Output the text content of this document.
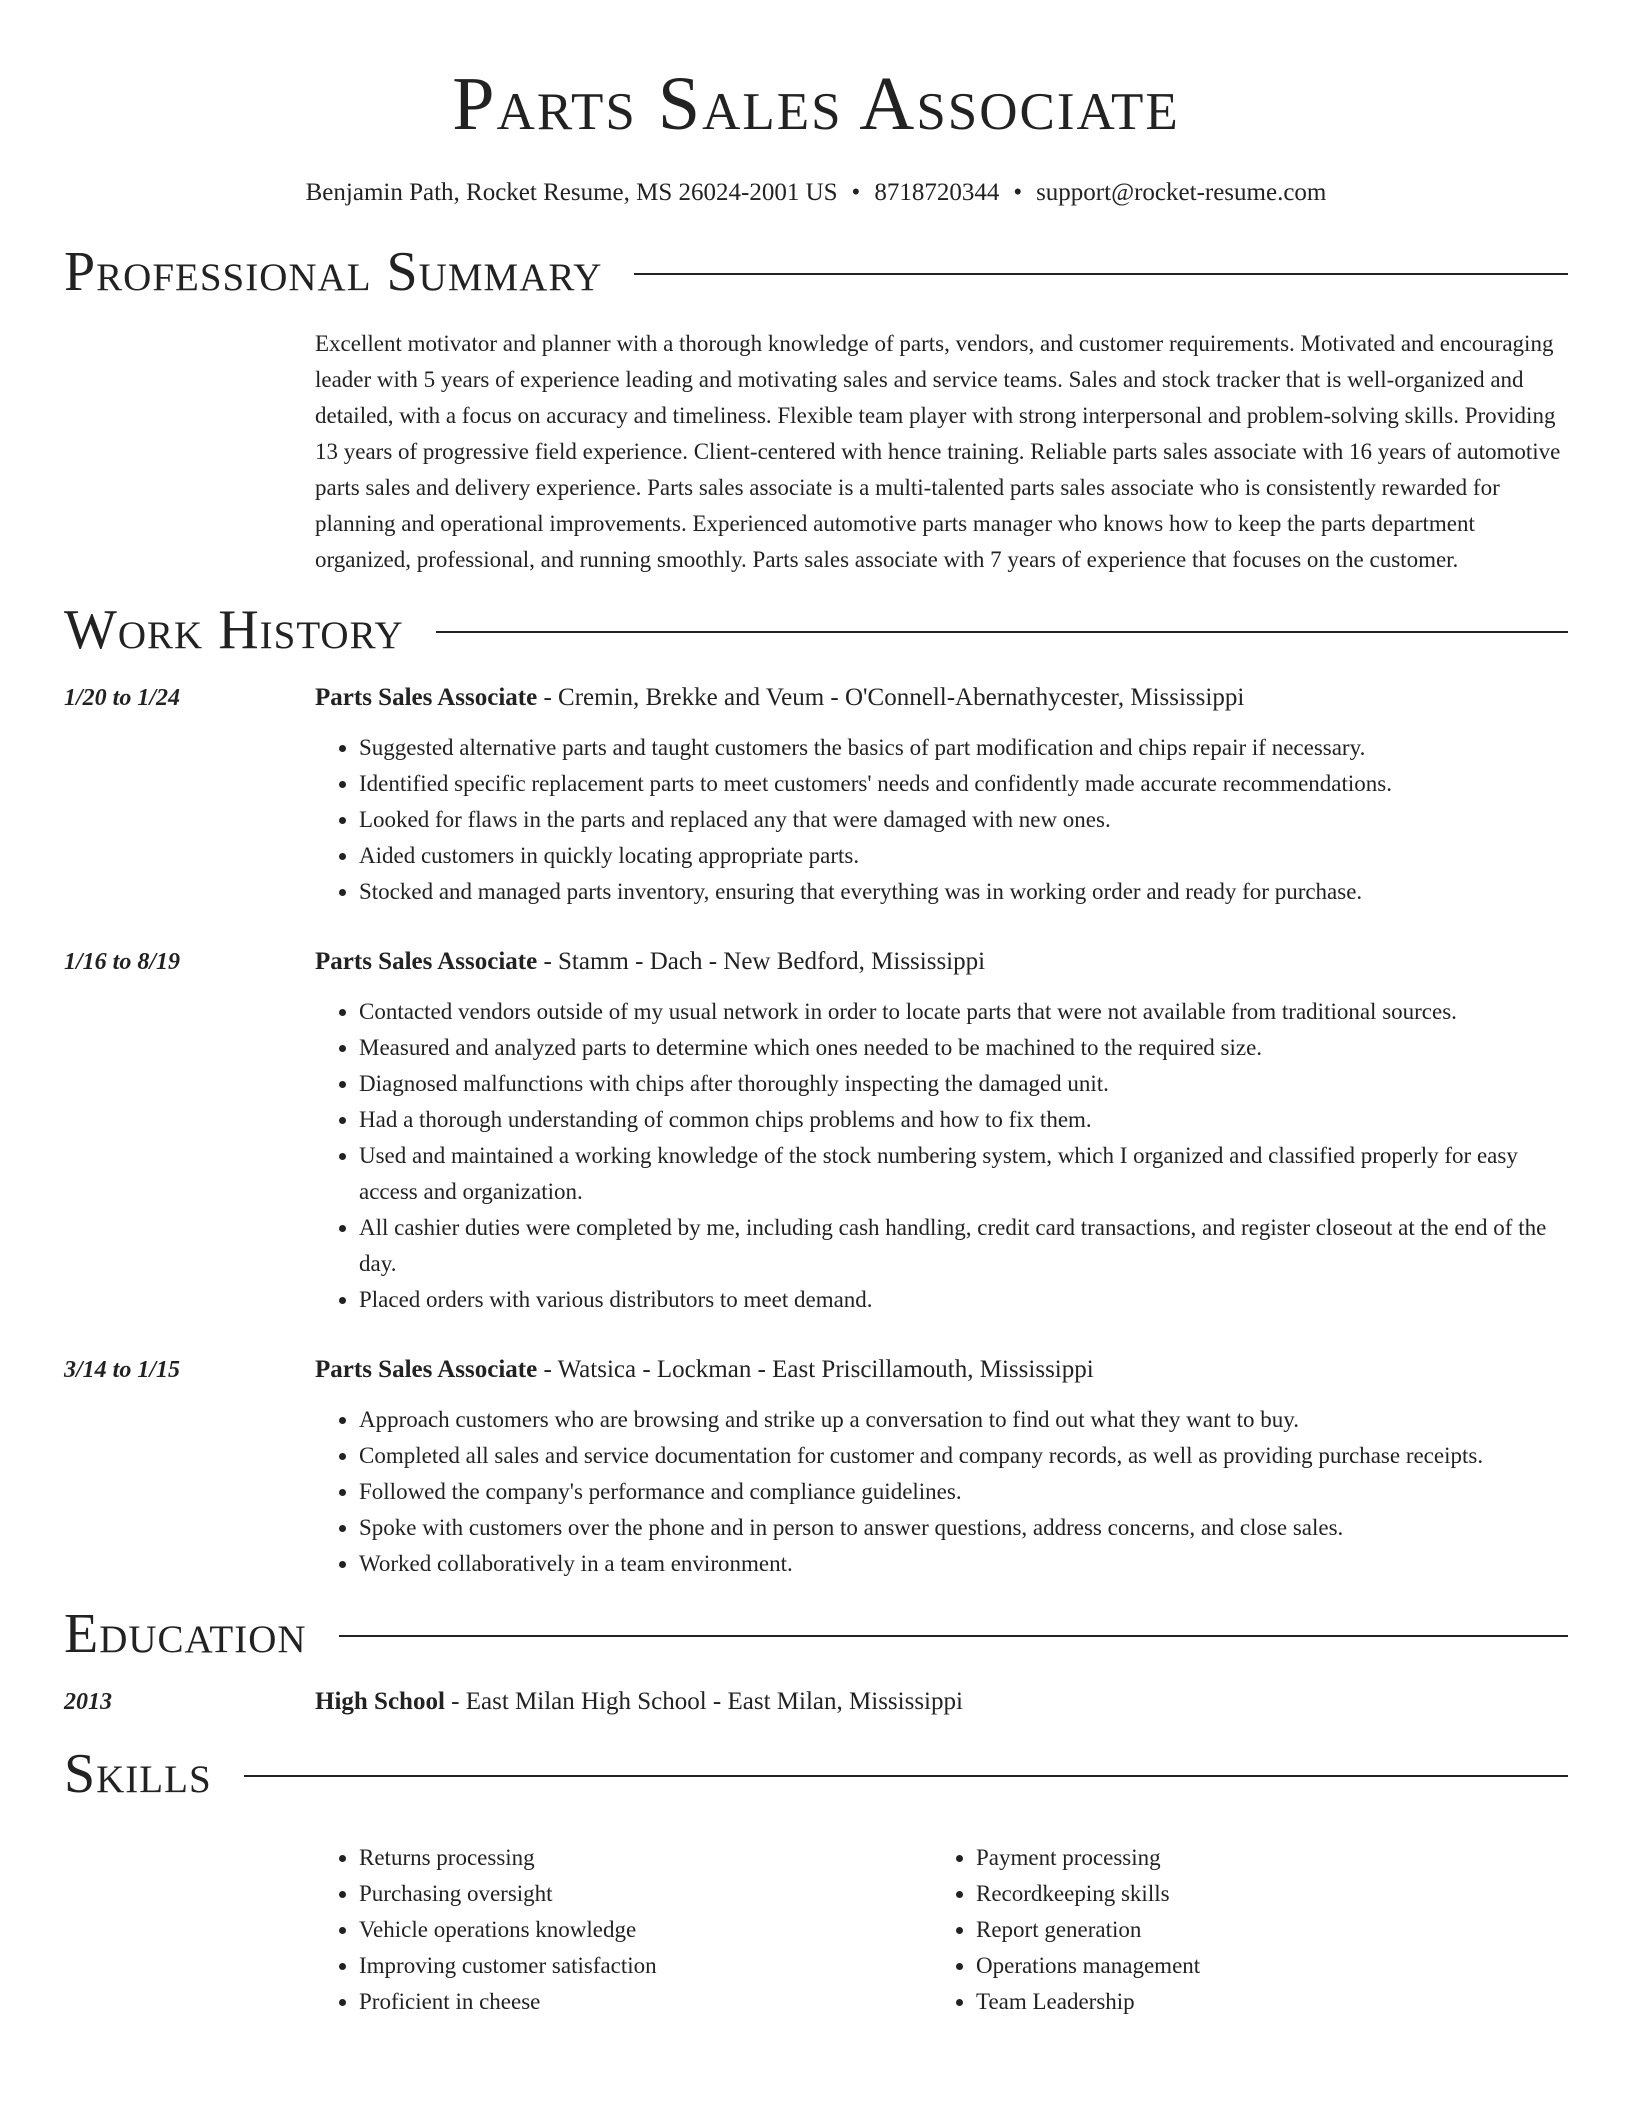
Parts Sales Associate
Benjamin Path, Rocket Resume, MS 26024-2001 US • 8718720344 • support@rocket-resume.com
Professional Summary
Excellent motivator and planner with a thorough knowledge of parts, vendors, and customer requirements. Motivated and encouraging leader with 5 years of experience leading and motivating sales and service teams. Sales and stock tracker that is well-organized and detailed, with a focus on accuracy and timeliness. Flexible team player with strong interpersonal and problem-solving skills. Providing 13 years of progressive field experience. Client-centered with hence training. Reliable parts sales associate with 16 years of automotive parts sales and delivery experience. Parts sales associate is a multi-talented parts sales associate who is consistently rewarded for planning and operational improvements. Experienced automotive parts manager who knows how to keep the parts department organized, professional, and running smoothly. Parts sales associate with 7 years of experience that focuses on the customer.
Work History
1/20 to 1/24	Parts Sales Associate - Cremin, Brekke and Veum - O'Connell-Abernathycester, Mississippi
• Suggested alternative parts and taught customers the basics of part modification and chips repair if necessary.
• Identified specific replacement parts to meet customers' needs and confidently made accurate recommendations.
• Looked for flaws in the parts and replaced any that were damaged with new ones.
• Aided customers in quickly locating appropriate parts.
• Stocked and managed parts inventory, ensuring that everything was in working order and ready for purchase.
1/16 to 8/19	Parts Sales Associate - Stamm - Dach - New Bedford, Mississippi
• Contacted vendors outside of my usual network in order to locate parts that were not available from traditional sources.
• Measured and analyzed parts to determine which ones needed to be machined to the required size.
• Diagnosed malfunctions with chips after thoroughly inspecting the damaged unit.
• Had a thorough understanding of common chips problems and how to fix them.
• Used and maintained a working knowledge of the stock numbering system, which I organized and classified properly for easy access and organization.
• All cashier duties were completed by me, including cash handling, credit card transactions, and register closeout at the end of the day.
• Placed orders with various distributors to meet demand.
3/14 to 1/15	Parts Sales Associate - Watsica - Lockman - East Priscillamouth, Mississippi
• Approach customers who are browsing and strike up a conversation to find out what they want to buy.
• Completed all sales and service documentation for customer and company records, as well as providing purchase receipts.
• Followed the company's performance and compliance guidelines.
• Spoke with customers over the phone and in person to answer questions, address concerns, and close sales.
• Worked collaboratively in a team environment.
Education
2013	High School - East Milan High School - East Milan, Mississippi
Skills
• Returns processing
• Purchasing oversight
• Vehicle operations knowledge
• Improving customer satisfaction
• Proficient in cheese
• Payment processing
• Recordkeeping skills
• Report generation
• Operations management
• Team Leadership
